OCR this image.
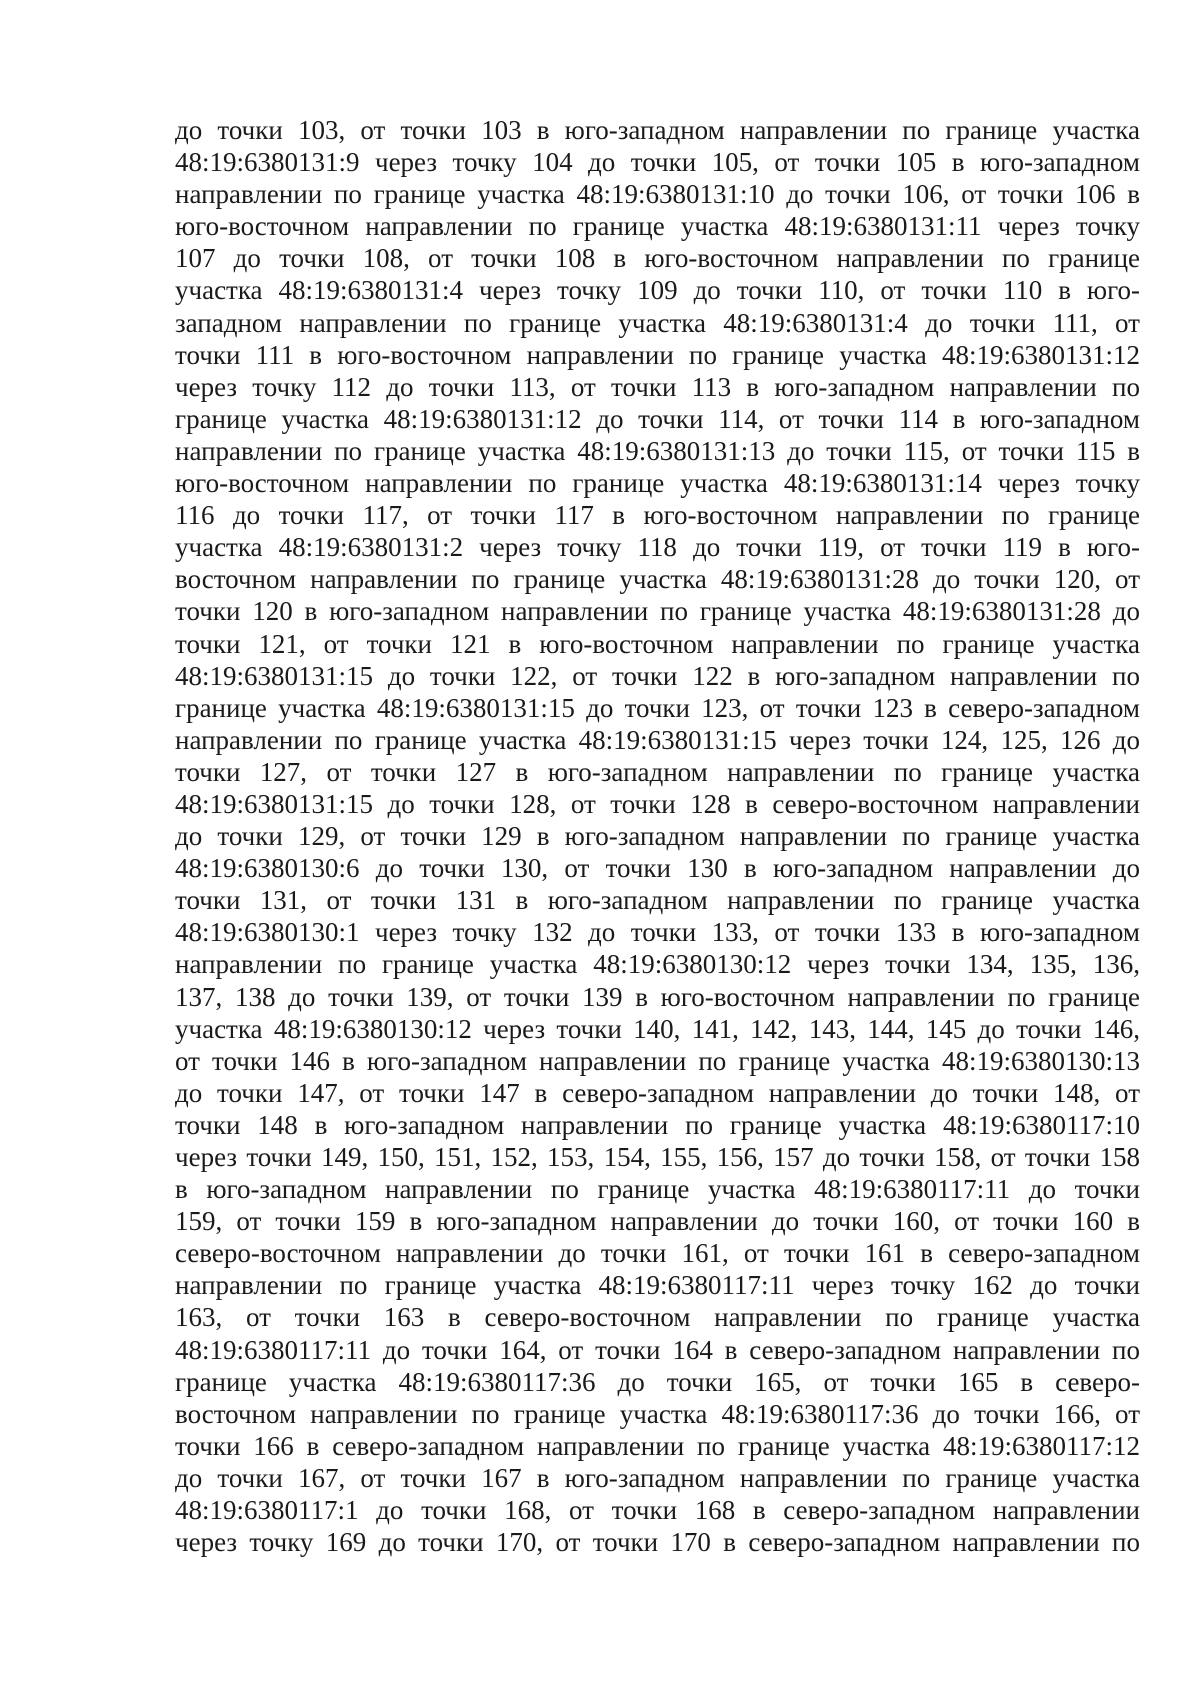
до точки 103, от точки 103 в юго-западном направлении по границе участка
48:19:6380131:9 через точку 104 до точки 105, от точки 105 в юго-западном
направлении по границе участка 48:19:6380131:10 до точки 106, от точки 106 в
юго-восточном направлении по границе участка 48:19:6380131:11 через точку
107 до точки 108, от точки 108 в юго-восточном направлении по границе
участка 48:19:6380131:4 через точку 109 до точки 110, от точки 110 в юго-
западном направлении по границе участка 48:19:6380131:4 до точки 111, от
точки 111 в юго-восточном направлении по границе участка 48:19:6380131:12
через точку 112 до точки 113, от точки 113 в юго-западном направлении по
границе участка 48:19:6380131:12 до точки 114, от точки 114 в юго-западном
направлении по границе участка 48:19:6380131:13 до точки 115, от точки 115 в
юго-восточном направлении по границе участка 48:19:6380131:14 через точку
116 до точки 117, от точки 117 в юго-восточном направлении по границе
участка 48:19:6380131:2 через точку 118 до точки 119, от точки 119 в юго-
восточном направлении по границе участка 48:19:6380131:28 до точки 120, от
точки 120 в юго-западном направлении по границе участка 48:19:6380131:28 до
точки 121, от точки 121 в юго-восточном направлении по границе участка
48:19:6380131:15 до точки 122, от точки 122 в юго-западном направлении по
границе участка 48:19:6380131:15 до точки 123, от точки 123 в северо-западном
направлении по границе участка 48:19:6380131:15 через точки 124, 125, 126 до
точки 127, от точки 127 в юго-западном направлении по границе участка
48:19:6380131:15 до точки 128, от точки 128 в северо-восточном направлении
до точки 129, от точки 129 в юго-западном направлении по границе участка
48:19:6380130:6 до точки 130, от точки 130 в юго-западном направлении до
точки 131, от точки 131 в юго-западном направлении по границе участка
48:19:6380130:1 через точку 132 до точки 133, от точки 133 в юго-западном
направлении по границе участка 48:19:6380130:12 через точки 134, 135, 136,
137, 138 до точки 139, от точки 139 в юго-восточном направлении по границе
участка 48:19:6380130:12 через точки 140, 141, 142, 143, 144, 145 до точки 146,
от точки 146 в юго-западном направлении по границе участка 48:19:6380130:13
до точки 147, от точки 147 в северо-западном направлении до точки 148, от
точки 148 в юго-западном направлении по границе участка 48:19:6380117:10
через точки 149, 150, 151, 152, 153, 154, 155, 156, 157 до точки 158, от точки 158
в юго-западном направлении по границе участка 48:19:6380117:11 до точки
159, от точки 159 в юго-западном направлении до точки 160, от точки 160 в
северо-восточном направлении до точки 161, от точки 161 в северо-западном
направлении по границе участка 48:19:6380117:11 через точку 162 до точки
163, от точки 163 в северо-восточном направлении по границе участка
48:19:6380117:11 до точки 164, от точки 164 в северо-западном направлении по
границе участка 48:19:6380117:36 до точки 165, от точки 165 в северо-
восточном направлении по границе участка 48:19:6380117:36 до точки 166, от
точки 166 в северо-западном направлении по границе участка 48:19:6380117:12
до точки 167, от точки 167 в юго-западном направлении по границе участка
48:19:6380117:1 до точки 168, от точки 168 в северо-западном направлении
через точку 169 до точки 170, от точки 170 в северо-западном направлении по
